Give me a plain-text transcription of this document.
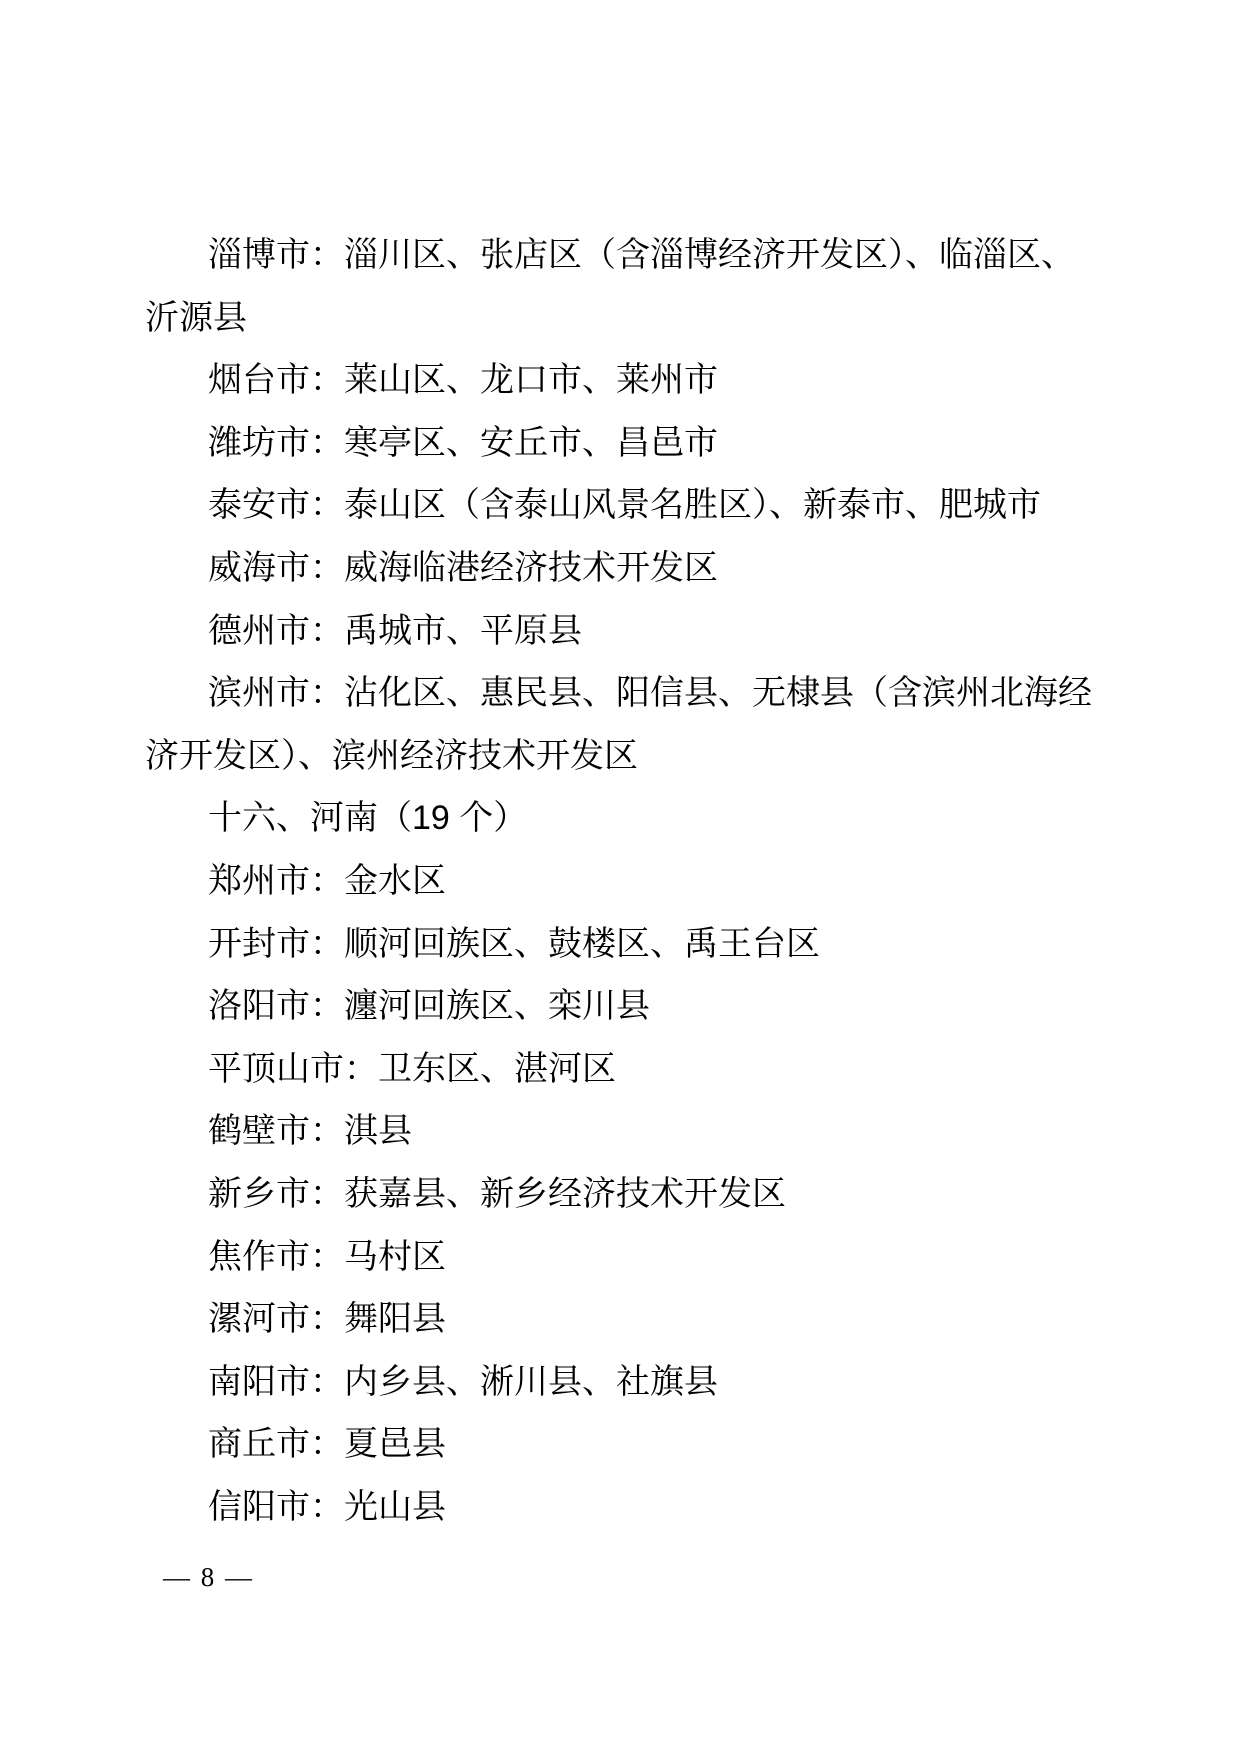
淄博市：淄川区、张店区（含淄博经济开发区）、临淄区、
沂源县
烟台市：莱山区、龙口市、莱州市
潍坊市：寒亭区、安丘市、昌邑市
泰安市：泰山区（含泰山风景名胜区）、新泰市、肥城市
威海市：威海临港经济技术开发区
德州市：禹城市、平原县
滨州市：沾化区、惠民县、阳信县、无棣县（含滨州北海经
济开发区）、滨州经济技术开发区
十六、河南（19 个）
郑州市：金水区
开封市：顺河回族区、鼓楼区、禹王台区
洛阳市：瀍河回族区、栾川县
平顶山市：卫东区、湛河区
鹤壁市：淇县
新乡市：获嘉县、新乡经济技术开发区
焦作市：马村区
漯河市：舞阳县
南阳市：内乡县、淅川县、社旗县
商丘市：夏邑县
信阳市：光山县
— 8 —
